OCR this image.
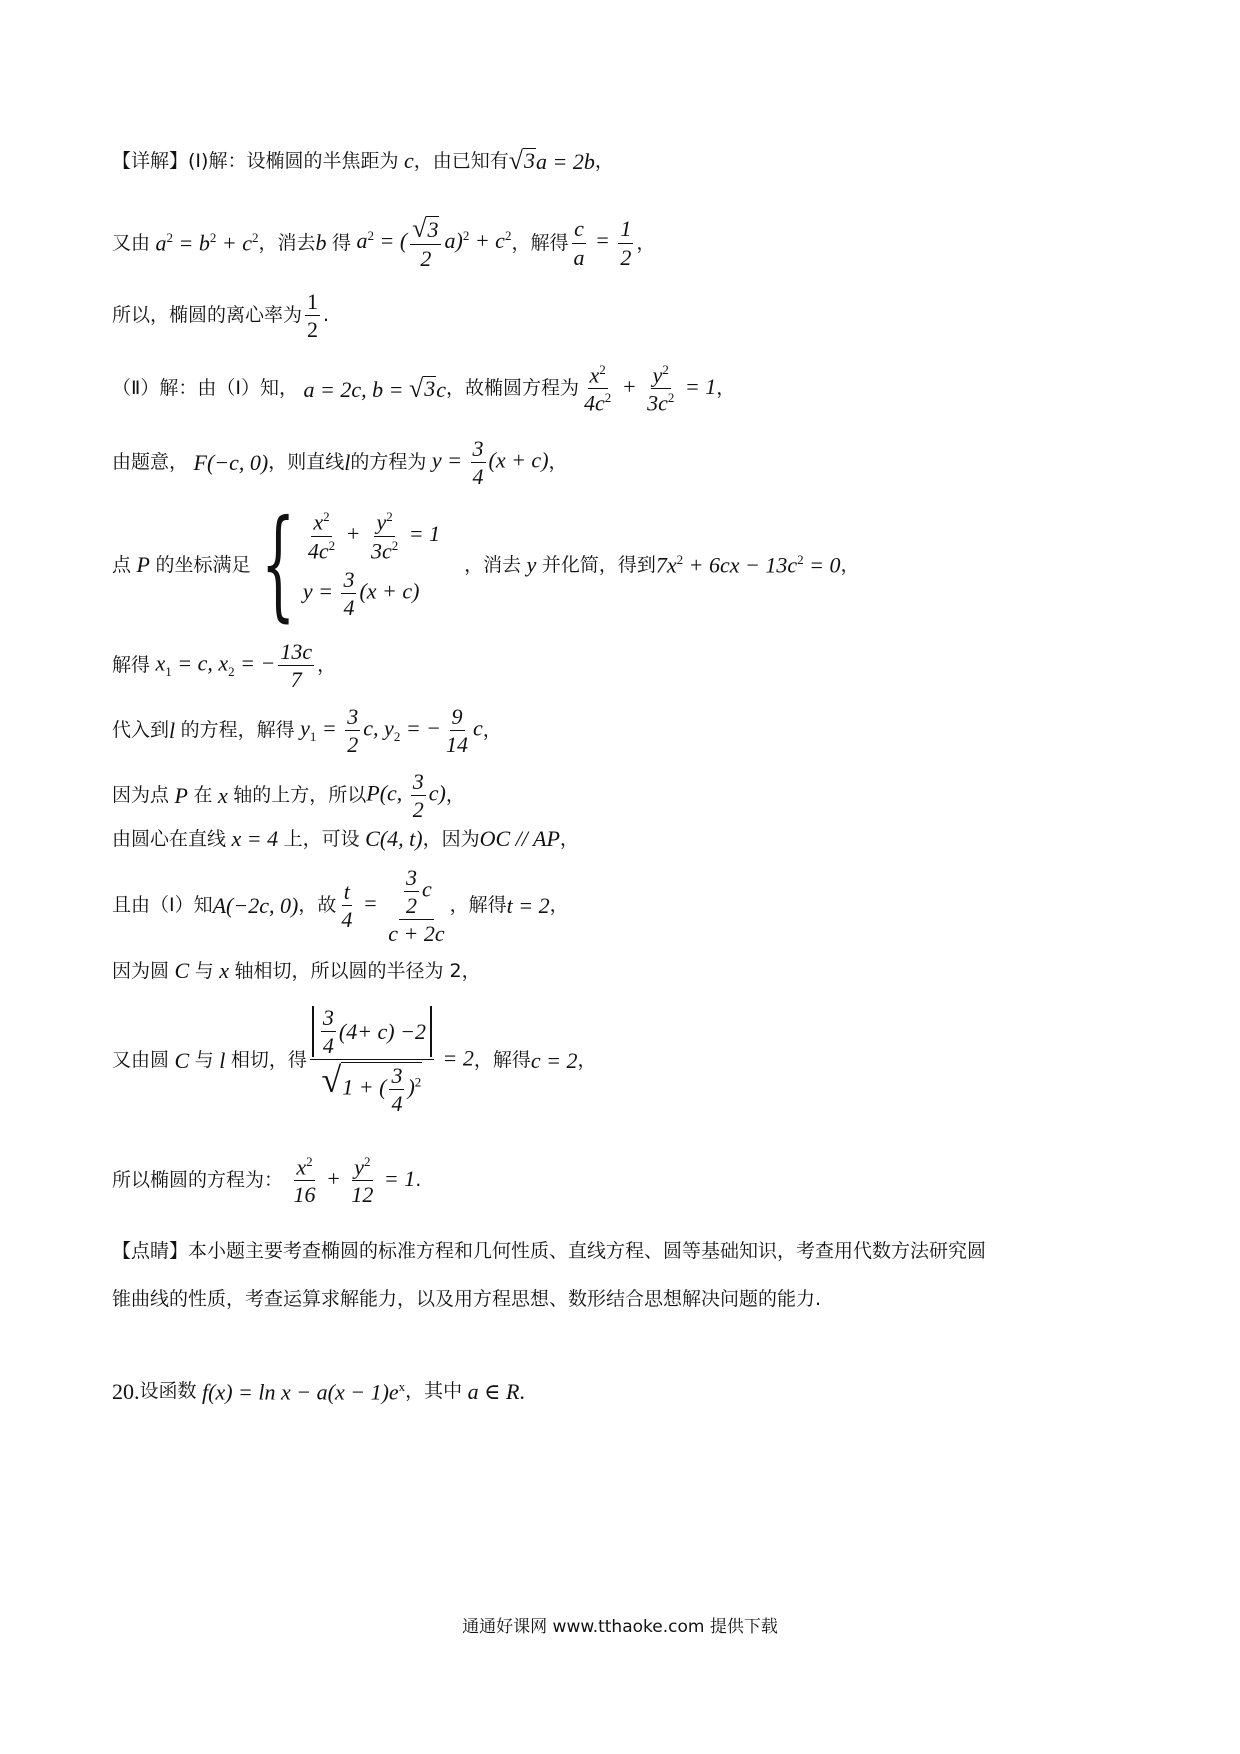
【详解】 (Ⅰ) 解：设椭圆的半焦距为 c ，由已知有 √ 3 a = 2b ，
又由 $a^2 = b^2 + c^2$ ，消去 b 得 $a^2$ = ( $\frac{√ 3}{2} a)^2 + c^2$ ，解得 $\frac{c}{a} = \frac{1}{2}$ ，
所以，椭圆的离心率为 $\frac{1}{2}$ .
（Ⅱ）解：由（Ⅰ）知， a = 2c, b = √ 3 c ，故椭圆方程为 $\frac{x^2}{4c^2} + \frac{y^2}{3c^2} = 1$ ，
由题意， F(−c, 0) ，则直线 l 的方程为 $y = \frac{3}{4} (x + c)$ ，
点 P 的坐标满足 { $\frac{x^2}{4c^2} + \frac{y^2}{3c^2} = 1$
$y = \frac{3}{4} (x + c)$
，消去 y 并化简，得到 $7x^2 + 6cx - 13c^2 = 0$ ，
解得 $x_1 = c$, $x_2$ = − $\frac{13c}{7}$ ，
代入到 l 的方程，解得 $y_1 = \frac{3}{2} c$, $y_2$ = − $\frac{9}{14}$ c ，
因为点 P 在 x 轴的上方，所以 P(c, $\frac{3}{2} c$) ，
由圆心在直线 x = 4 上，可设 C(4, t) ，因为 OC // AP ，
且由（Ⅰ）知 A(−2c, 0) ，故 $\frac{t}{4} = \frac{\frac{3}{2} c}{c + 2c}$ ，解得 t = 2 ，
因为圆 C 与 x 轴相切，所以圆的半径为 2，
又由圆 C 与 l 相切，得 $\frac{\frac{3}{4} ( 4 + c) - 2}{√ 1 + ( \frac{3}{4} )^2} = 2$ ，解得 c = 2 ，
所以椭圆的方程为：
$\frac{x^2}{16} + \frac{y^2}{12} = 1$ .
【点睛】 本小题主要考查椭圆的标准方程和几何性质、直线方程、圆等基础知识，考查用代数方法研究圆
锥曲线的性质，考查运算求解能力，以及用方程思想、数形结合思想解决问题的能力.
20. 设函数 $f(x) = \ln x - a(x - 1)e^x$ ，其中 a ∈ R .
通通好课网 www.tthaoke.com 提供下载
